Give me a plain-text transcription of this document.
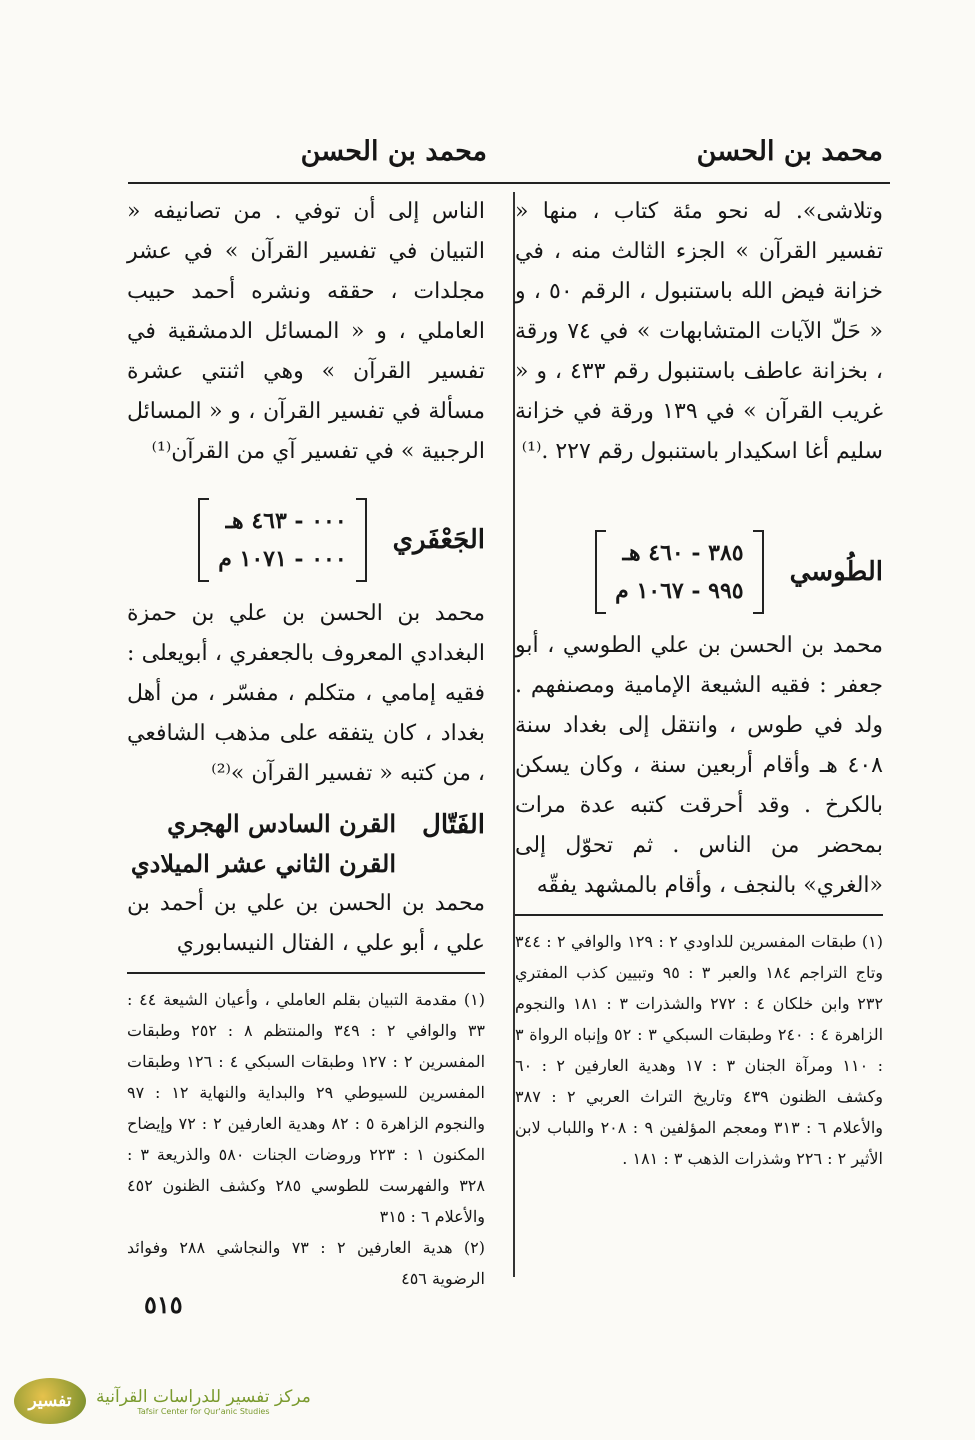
محمد بن الحسن
محمد بن الحسن

وتلاشى». له نحو مئة كتاب ، منها « تفسير القرآن » الجزء الثالث منه ، في خزانة فيض الله باستنبول ، الرقم ٥٠ ، و « حَلّ الآيات المتشابهات » في ٧٤ ورقة ، بخزانة عاطف باستنبول رقم ٤٣٣ ، و « غريب القرآن » في ١٣٩ ورقة في خزانة سليم أغا اسكيدار باستنبول رقم ٢٢٧ .⁽¹⁾

الطُوسي
٣٨٥ - ٤٦٠ هـ
٩٩٥ - ١٠٦٧ م

محمد بن الحسن بن علي الطوسي ، أبو جعفر : فقيه الشيعة الإمامية ومصنفهم . ولد في طوس ، وانتقل إلى بغداد سنة ٤٠٨ هـ وأقام أربعين سنة ، وكان يسكن بالكرخ . وقد أحرقت كتبه عدة مرات بمحضر من الناس . ثم تحوّل إلى «الغري» بالنجف ، وأقام بالمشهد يفقّه

(١) طبقات المفسرين للداودي ٢ : ١٢٩ والوافي ٢ : ٣٤٤ وتاج التراجم ١٨٤ والعبر ٣ : ٩٥ وتبيين كذب المفتري ٢٣٢ وابن خلكان ٤ : ٢٧٢ والشذرات ٣ : ١٨١ والنجوم الزاهرة ٤ : ٢٤٠ وطبقات السبكي ٣ : ٥٢ وإنباه الرواة ٣ : ١١٠ ومرآة الجنان ٣ : ١٧ وهدية العارفين ٢ : ٦٠ وكشف الظنون ٤٣٩ وتاريخ التراث العربي ٢ : ٣٨٧ والأعلام ٦ : ٣١٣ ومعجم المؤلفين ٩ : ٢٠٨ واللباب لابن الأثير ٢ : ٢٢٦ وشذرات الذهب ٣ : ١٨١ .

الناس إلى أن توفي . من تصانيفه « التبيان في تفسير القرآن » في عشر مجلدات ، حققه ونشره أحمد حبيب العاملي ، و « المسائل الدمشقية في تفسير القرآن » وهي اثنتي عشرة مسألة في تفسير القرآن ، و « المسائل الرجبية » في تفسير آي من القرآن⁽¹⁾

الجَعْفَري
٠٠٠ - ٤٦٣ هـ
٠٠٠ - ١٠٧١ م

محمد بن الحسن بن علي بن حمزة البغدادي المعروف بالجعفري ، أبويعلى : فقيه إمامي ، متكلم ، مفسّر ، من أهل بغداد ، كان يتفقه على مذهب الشافعي ، من كتبه « تفسير القرآن »⁽²⁾

الفَتّال
القرن السادس الهجري
القرن الثاني عشر الميلادي

محمد بن الحسن بن علي بن أحمد بن علي ، أبو علي ، الفتال النيسابوري

(١) مقدمة التبيان بقلم العاملي ، وأعيان الشيعة ٤٤ : ٣٣ والوافي ٢ : ٣٤٩ والمنتظم ٨ : ٢٥٢ وطبقات المفسرين ٢ : ١٢٧ وطبقات السبكي ٤ : ١٢٦ وطبقات المفسرين للسيوطي ٢٩ والبداية والنهاية ١٢ : ٩٧ والنجوم الزاهرة ٥ : ٨٢ وهدية العارفين ٢ : ٧٢ وإيضاح المكنون ١ : ٢٢٣ وروضات الجنات ٥٨٠ والذريعة ٣ : ٣٢٨ والفهرست للطوسي ٢٨٥ وكشف الظنون ٤٥٢ والأعلام ٦ : ٣١٥

(٢) هدية العارفين ٢ : ٧٣ والنجاشي ٢٨٨ وفوائد الرضوية ٤٥٦

٥١٥
تفسير	مركز تفسير للدراسات القرآنية
Tafsir Center for Qur'anic Studies
